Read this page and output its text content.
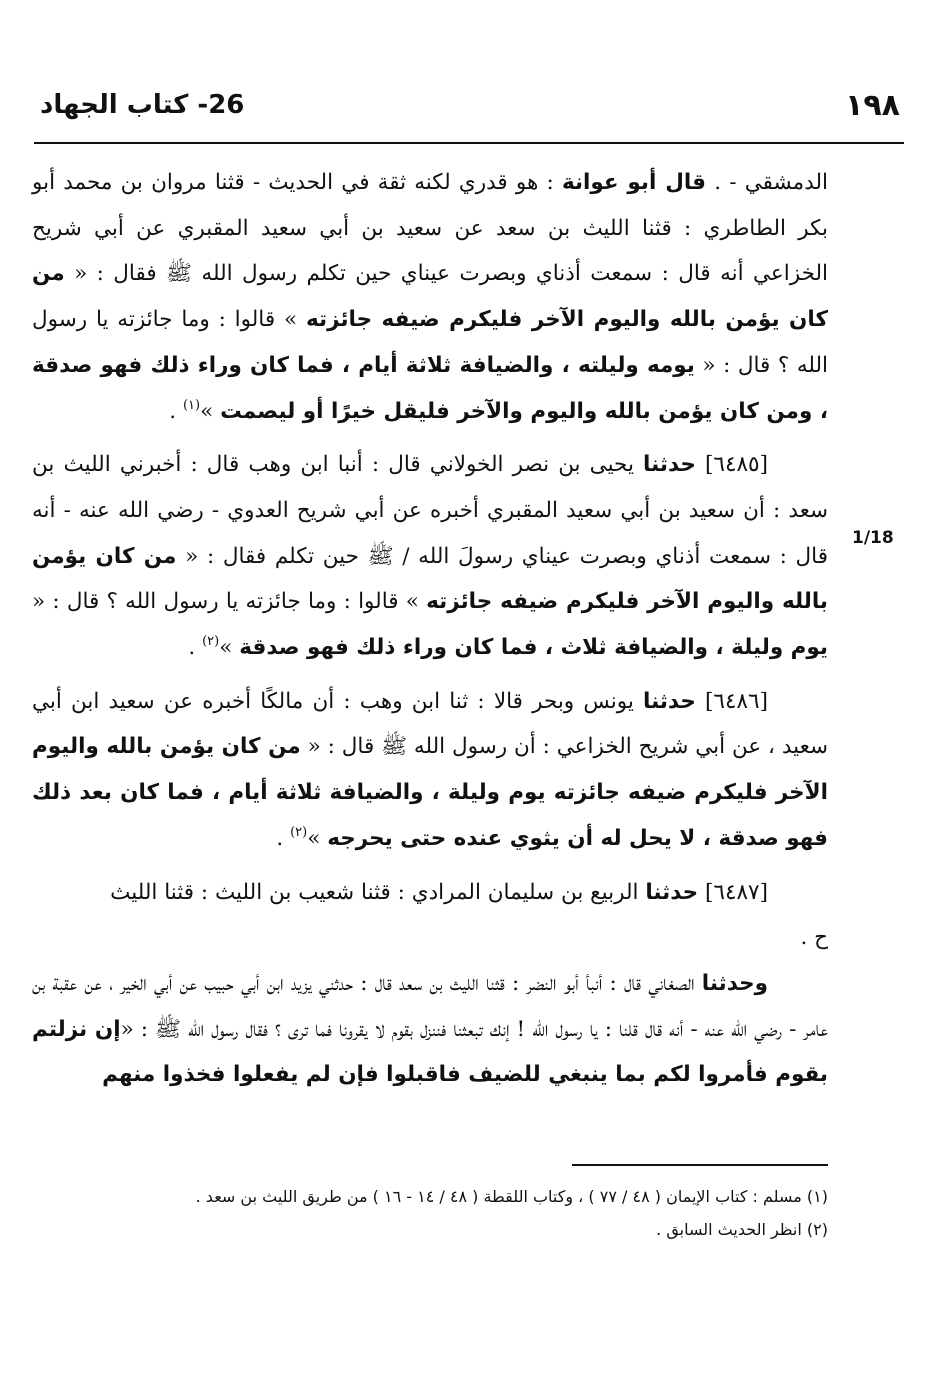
26- كتاب الجهاد	١٩٨
1/18

الدمشقي - . قال أبو عوانة : هو قدري لكنه ثقة في الحديث - قثنا مروان بن محمد أبو بكر الطاطري : قثنا الليث بن سعد عن سعيد بن أبي سعيد المقبري عن أبي شريح الخزاعي أنه قال : سمعت أذناي وبصرت عيناي حين تكلم رسول الله ﷺ فقال : « من كان يؤمن بالله واليوم الآخر فليكرم ضيفه جائزته » قالوا : وما جائزته يا رسول الله ؟ قال : « يومه وليلته ، والضيافة ثلاثة أيام ، فما كان وراء ذلك فهو صدقة ، ومن كان يؤمن بالله واليوم والآخر فليقل خيرًا أو ليصمت »$^{(١)}$ .

[٦٤٨٥] حدثنا يحيى بن نصر الخولاني قال : أنبا ابن وهب قال : أخبرني الليث بن سعد : أن سعيد بن أبي سعيد المقبري أخبره عن أبي شريح العدوي - رضي الله عنه - أنه قال : سمعت أذناي وبصرت عيناي رسولَ الله / ﷺ حين تكلم فقال : « من كان يؤمن بالله واليوم الآخر فليكرم ضيفه جائزته » قالوا : وما جائزته يا رسول الله ؟ قال : « يوم وليلة ، والضيافة ثلاث ، فما كان وراء ذلك فهو صدقة »$^{(٢)}$ .

[٦٤٨٦] حدثنا يونس وبحر قالا : ثنا ابن وهب : أن مالكًا أخبره عن سعيد ابن أبي سعيد ، عن أبي شريح الخزاعي : أن رسول الله ﷺ قال : « من كان يؤمن بالله واليوم الآخر فليكرم ضيفه جائزته يوم وليلة ، والضيافة ثلاثة أيام ، فما كان بعد ذلك فهو صدقة ، لا يحل له أن يثوي عنده حتى يحرجه »$^{(٢)}$ .

[٦٤٨٧] حدثنا الربيع بن سليمان المرادي : قثنا شعيب بن الليث : قثنا الليث

ح .

وحدثنا الصغاني قال : أنبأ أبو النضر : قثنا الليث بن سعد قال : حدثني يزيد ابن أبي حبيب عن أبي الخير ، عن عقبة بن عامر - رضي الله عنه - أنه قال قلنا : يا رسول الله ! إنك تبعثنا فننزل بقوم لا يقرونا فما ترى ؟ فقال رسول الله ﷺ : «إن نزلتم بقوم فأمروا لكم بما ينبغي للضيف فاقبلوا فإن لم يفعلوا فخذوا منهم

(١) مسلم : كتاب الإيمان ( ٤٨ / ٧٧ ) ، وكتاب اللقطة ( ٤٨ / ١٤ - ١٦ ) من طريق الليث بن سعد .

(٢) انظر الحديث السابق .
